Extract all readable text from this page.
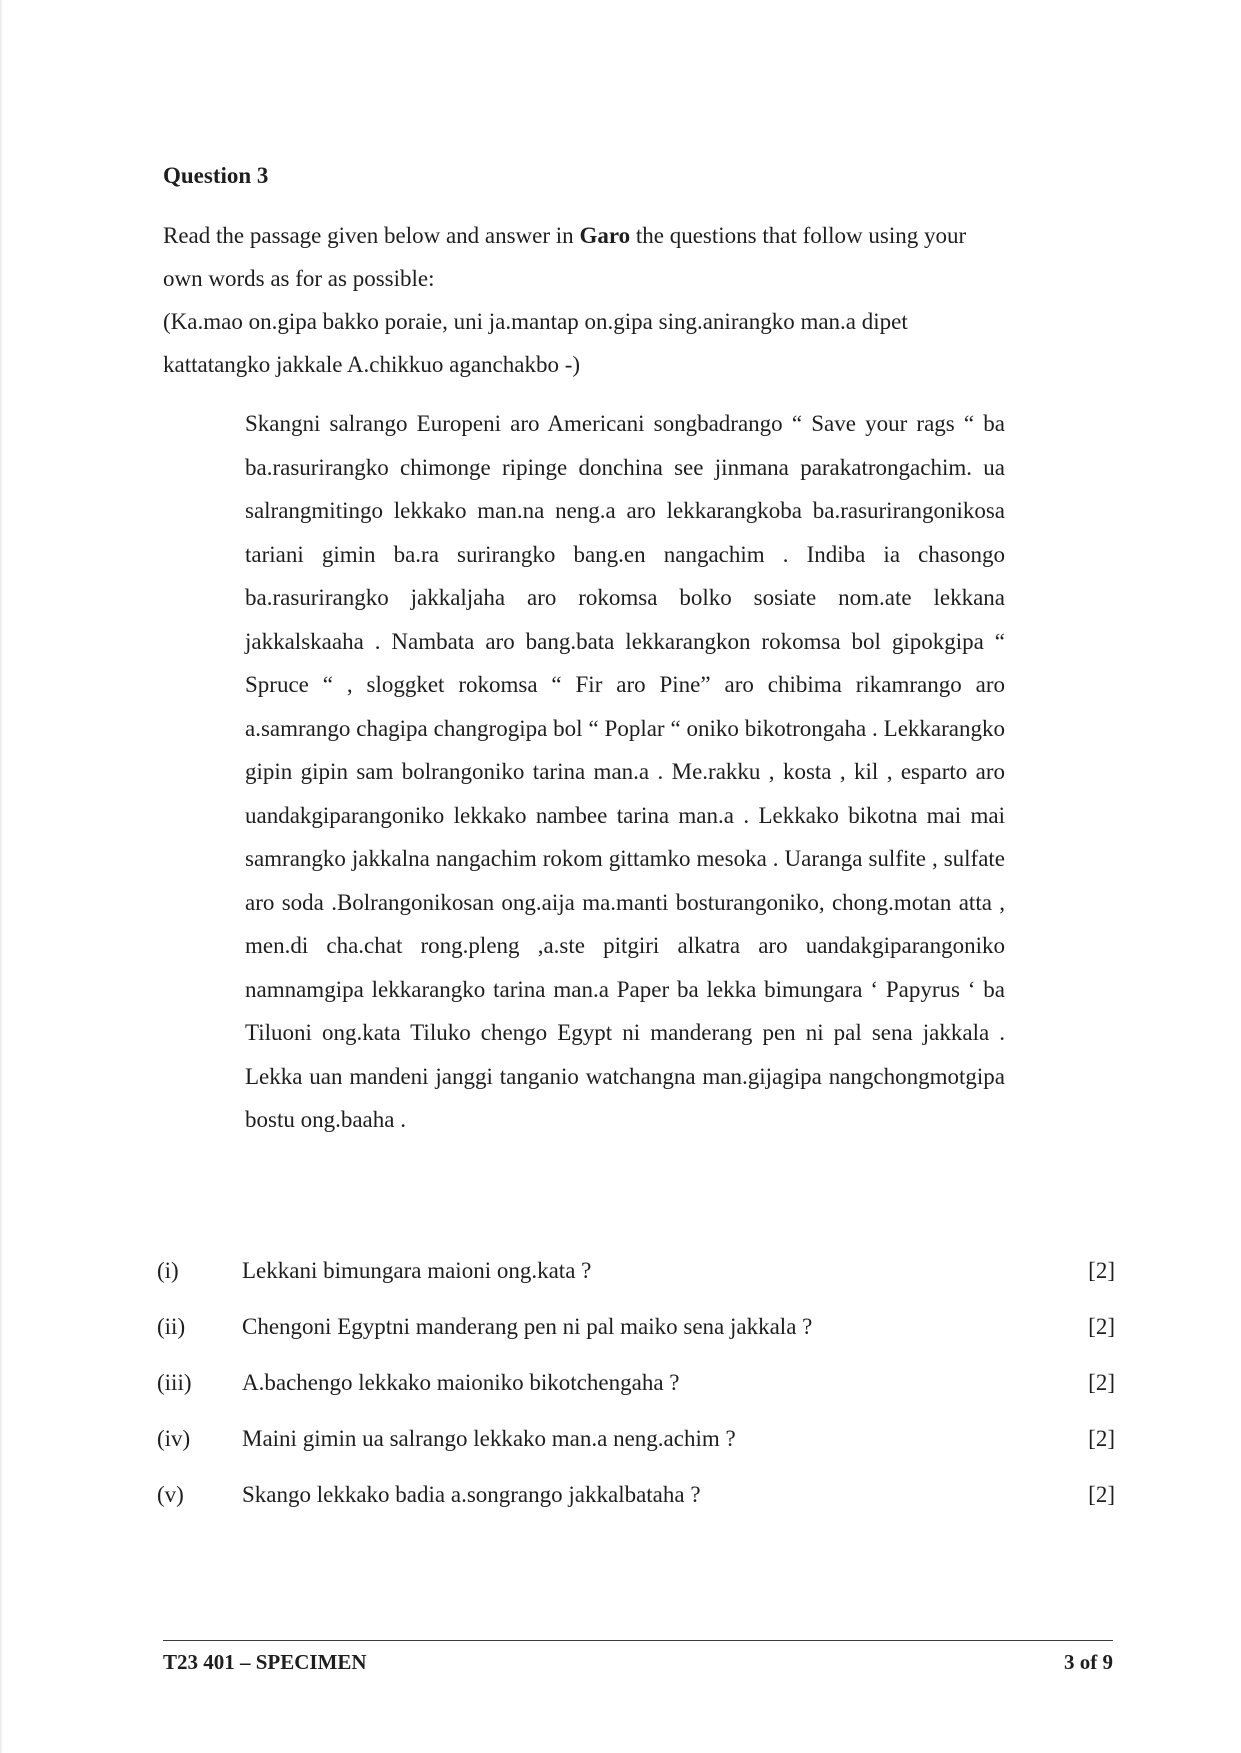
Question 3

Read the passage given below and answer in Garo the questions that follow using your own words as for as possible:

(Ka.mao on.gipa bakko poraie, uni ja.mantap on.gipa sing.anirangko man.a dipet kattatangko jakkale A.chikkuo aganchakbo -)

Skangni salrango Europeni aro Americani songbadrango “ Save your rags “ ba ba.rasurirangko chimonge ripinge donchina see jinmana parakatrongachim. ua salrangmitingo lekkako man.na neng.a aro lekkarangkoba ba.rasurirangonikosa tariani gimin ba.ra surirangko bang.en nangachim . Indiba ia chasongo ba.rasurirangko jakkaljaha aro rokomsa bolko sosiate nom.ate lekkana jakkalskaaha . Nambata aro bang.bata lekkarangkon rokomsa bol gipokgipa “ Spruce “ , sloggket rokomsa “ Fir aro Pine” aro chibima rikamrango aro a.samrango chagipa changrogipa bol “ Poplar “ oniko bikotrongaha . Lekkarangko gipin gipin sam bolrangoniko tarina man.a . Me.rakku , kosta , kil , esparto aro uandakgiparangoniko lekkako nambee tarina man.a . Lekkako bikotna mai mai samrangko jakkalna nangachim rokom gittamko mesoka . Uaranga sulfite , sulfate aro soda .Bolrangonikosan ong.aija ma.manti bosturangoniko, chong.motan atta , men.di cha.chat rong.pleng ,a.ste pitgiri alkatra aro uandakgiparangoniko namnamgipa lekkarangko tarina man.a Paper ba lekka bimungara ‘ Papyrus ‘ ba Tiluoni ong.kata Tiluko chengo Egypt ni manderang pen ni pal sena jakkala . Lekka uan mandeni janggi tanganio watchangna man.gijagipa nangchongmotgipa bostu ong.baaha .

(i)	Lekkani bimungara maioni ong.kata ?	[2]
(ii) Chengoni Egyptni manderang pen ni pal maiko sena jakkala ?	[2]
(iii) A.bachengo lekkako maioniko bikotchengaha ?	[2]
(iv) Maini gimin ua salrango lekkako man.a neng.achim ?	[2]
(v)	Skango lekkako badia a.songrango jakkalbataha ?	[2]
T23 401 – SPECIMEN	3 of 9
